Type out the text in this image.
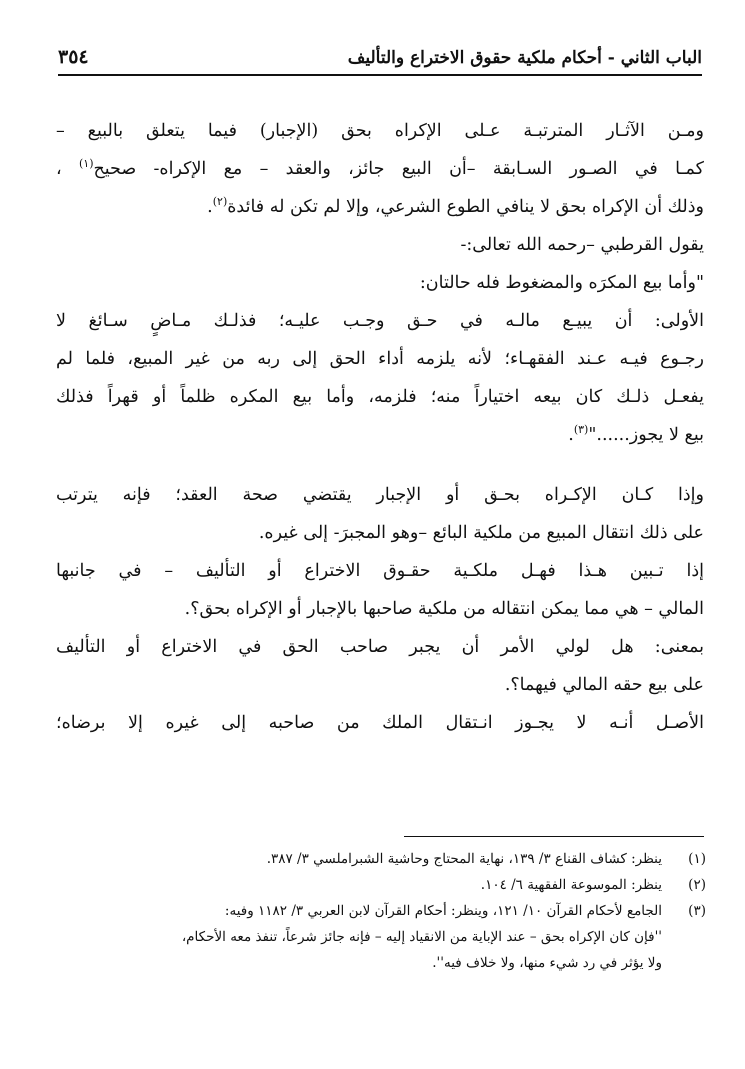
٣٥٤	الباب الثاني - أحكام ملكية حقوق الاختراع والتأليف
ومـن الآثـار المترتبـة عـلى الإكراه بحق (الإجبار) فيما يتعلق بالبيع –
كمـا في الصـور السـابقة –أن البيع جائز، والعقد – مع الإكراه- صحيح$^{(١)}$ ،
وذلك أن الإكراه بحق لا ينافي الطوع الشرعي، وإلا لم تكن له فائدة$^{(٢)}$.
يقول القرطبي –رحمه الله تعالى:-
"وأما بيع المكرَه والمضغوط فله حالتان:
الأولى: أن يبيـع مالـه في حـق وجـب عليـه؛ فذلـك مـاضٍ سـائغ لا
رجـوع فيـه عـند الفقهـاء؛ لأنه يلزمه أداء الحق إلى ربه من غير المبيع، فلما لم
يفعـل ذلـك كان بيعه اختياراً منه؛ فلزمه، وأما بيع المكره ظلماً أو قهراً فذلك
بيع لا يجوز......"$^{(٣)}$.
وإذا كـان الإكـراه بحـق أو الإجبار يقتضي صحة العقد؛ فإنه يترتب
على ذلك انتقال المبيع من ملكية البائع –وهو المجبرَ- إلى غيره.
إذا تـبين هـذا فهـل ملكـية حقـوق الاختراع أو التأليف – في جانبها
المالي – هي مما يمكن انتقاله من ملكية صاحبها بالإجبار أو الإكراه بحق؟.
بمعنى: هل لولي الأمر أن يجبر صاحب الحق في الاختراع أو التأليف
على بيع حقه المالي فيهما؟.
الأصـل أنـه لا يجـوز انـتقال الملك من صاحبه إلى غيره إلا برضاه؛
(١)
ينظر: كشاف القناع ٣/ ١٣٩، نهاية المحتاج وحاشية الشبراملسي ٣/ ٣٨٧.
(٢)
ينظر: الموسوعة الفقهية ٦/ ١٠٤.
(٣)
الجامع لأحكام القرآن ١٠/ ١٢١، وينظر: أحكام القرآن لابن العربي ٣/ ١١٨٢ وفيه:
''فإن كان الإكراه بحق – عند الإباية من الانقياد إليه – فإنه جائز شرعاً، تنفذ معه الأحكام،
ولا يؤثر في رد شيء منها، ولا خلاف فيه''.
